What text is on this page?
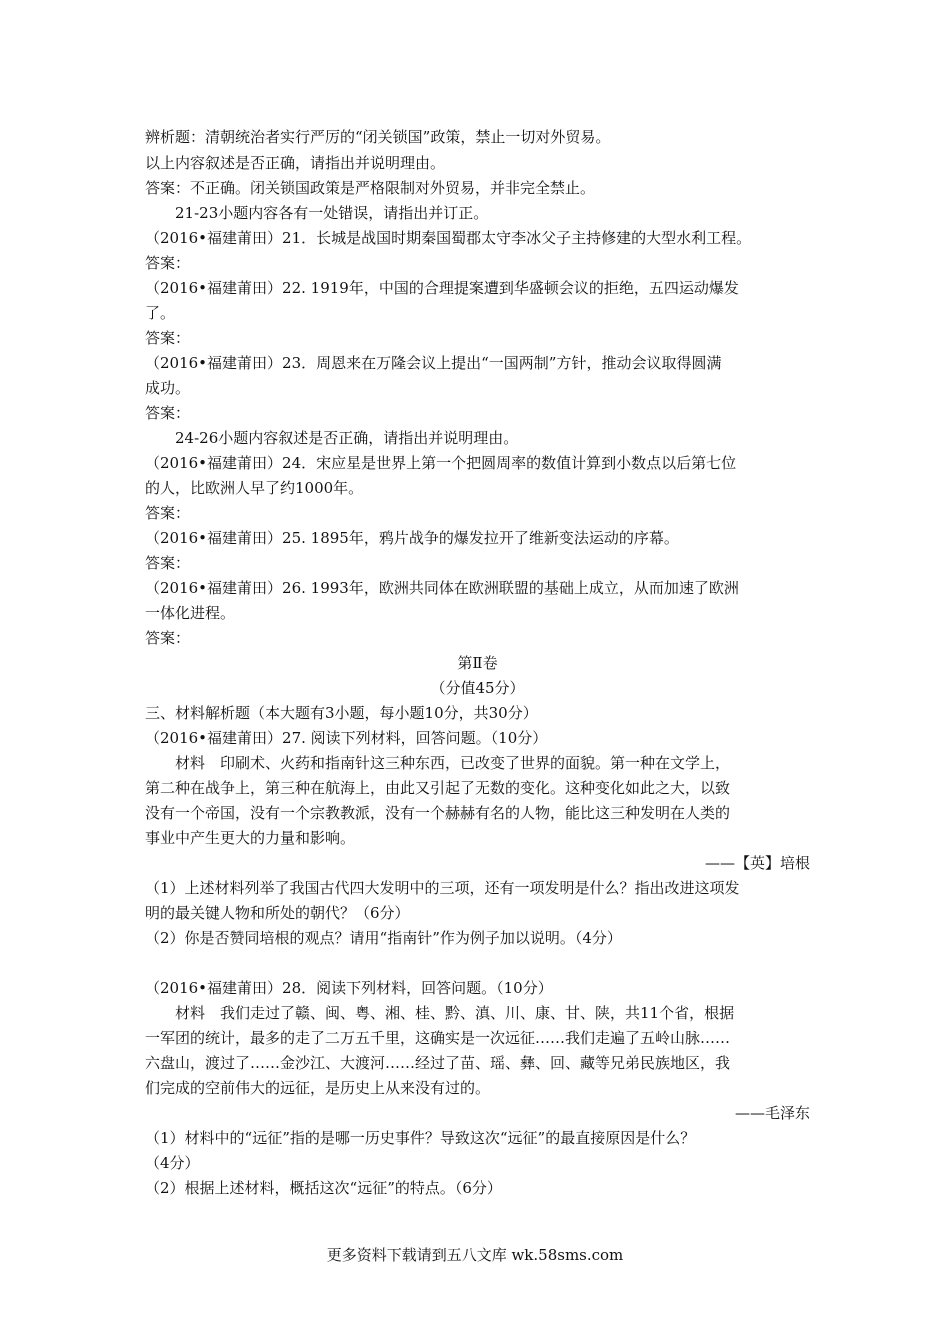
辨析题：清朝统治者实行严厉的“闭关锁国”政策，禁止一切对外贸易。
以上内容叙述是否正确，请指出并说明理由。
答案：不正确。闭关锁国政策是严格限制对外贸易，并非完全禁止。
21-23小题内容各有一处错误，请指出并订正。
（2016•福建莆田）21．长城是战国时期秦国蜀郡太守李冰父子主持修建的大型水利工程。
答案：
（2016•福建莆田）22. 1919年，中国的合理提案遭到华盛顿会议的拒绝，五四运动爆发
了。
答案：
（2016•福建莆田）23．周恩来在万隆会议上提出“一国两制”方针，推动会议取得圆满
成功。
答案：
24-26小题内容叙述是否正确，请指出并说明理由。
（2016•福建莆田）24．宋应星是世界上第一个把圆周率的数值计算到小数点以后第七位
的人，比欧洲人早了约1000年。
答案：
（2016•福建莆田）25. 1895年，鸦片战争的爆发拉开了维新变法运动的序幕。
答案：
（2016•福建莆田）26. 1993年，欧洲共同体在欧洲联盟的基础上成立，从而加速了欧洲
一体化进程。
答案：
第Ⅱ卷
（分值45分）
三、材料解析题（本大题有3小题，每小题10分，共30分）
（2016•福建莆田）27. 阅读下列材料，回答问题。（10分）
材料　印刷术、火药和指南针这三种东西，已改变了世界的面貌。第一种在文学上，
第二种在战争上，第三种在航海上，由此又引起了无数的变化。这种变化如此之大，以致
没有一个帝国，没有一个宗教教派，没有一个赫赫有名的人物，能比这三种发明在人类的
事业中产生更大的力量和影响。
——【英】培根
（1）上述材料列举了我国古代四大发明中的三项，还有一项发明是什么？指出改进这项发
明的最关键人物和所处的朝代？（6分）
（2）你是否赞同培根的观点？请用“指南针”作为例子加以说明。（4分）
（2016•福建莆田）28．阅读下列材料，回答问题。（10分）
材料　我们走过了赣、闽、粤、湘、桂、黔、滇、川、康、甘、陕，共11个省，根据
一军团的统计，最多的走了二万五千里，这确实是一次远征……我们走遍了五岭山脉……
六盘山，渡过了……金沙江、大渡河……经过了苗、瑶、彝、回、藏等兄弟民族地区，我
们完成的空前伟大的远征，是历史上从来没有过的。
——毛泽东
（1）材料中的“远征”指的是哪一历史事件？导致这次“远征”的最直接原因是什么？
（4分）
（2）根据上述材料，概括这次“远征”的特点。（6分）
更多资料下载请到五八文库 wk.58sms.com
